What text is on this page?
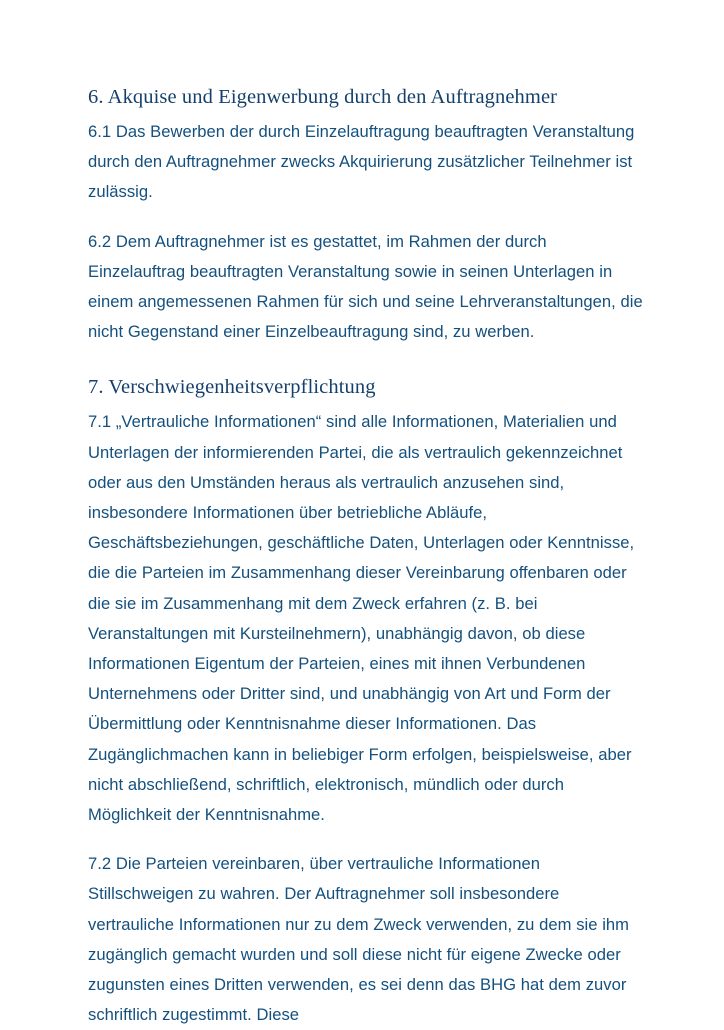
6. Akquise und Eigenwerbung durch den Auftragnehmer

6.1 Das Bewerben der durch Einzelauftragung beauftragten Veranstaltung durch den Auftragnehmer zwecks Akquirierung zusätzlicher Teilnehmer ist zulässig.

6.2 Dem Auftragnehmer ist es gestattet, im Rahmen der durch Einzelauftrag beauftragten Veranstaltung sowie in seinen Unterlagen in einem angemessenen Rahmen für sich und seine Lehrveranstaltungen, die nicht Gegenstand einer Einzelbeauftragung sind, zu werben.

7. Verschwiegenheitsverpflichtung

7.1 „Vertrauliche Informationen“ sind alle Informationen, Materialien und Unterlagen der informierenden Partei, die als vertraulich gekennzeichnet oder aus den Umständen heraus als vertraulich anzusehen sind, insbesondere Informationen über betriebliche Abläufe, Geschäftsbeziehungen, geschäftliche Daten, Unterlagen oder Kenntnisse, die die Parteien im Zusammenhang dieser Vereinbarung offenbaren oder die sie im Zusammenhang mit dem Zweck erfahren (z. B. bei Veranstaltungen mit Kursteilnehmern), unabhängig davon, ob diese Informationen Eigentum der Parteien, eines mit ihnen Verbundenen Unternehmens oder Dritter sind, und unabhängig von Art und Form der Übermittlung oder Kenntnisnahme dieser Informationen. Das Zugänglichmachen kann in beliebiger Form erfolgen, beispielsweise, aber nicht abschließend, schriftlich, elektronisch, mündlich oder durch Möglichkeit der Kenntnisnahme.

7.2 Die Parteien vereinbaren, über vertrauliche Informationen Stillschweigen zu wahren. Der Auftragnehmer soll insbesondere vertrauliche Informationen nur zu dem Zweck verwenden, zu dem sie ihm zugänglich gemacht wurden und soll diese nicht für eigene Zwecke oder zugunsten eines Dritten verwenden, es sei denn das BHG hat dem zuvor schriftlich zugestimmt. Diese
